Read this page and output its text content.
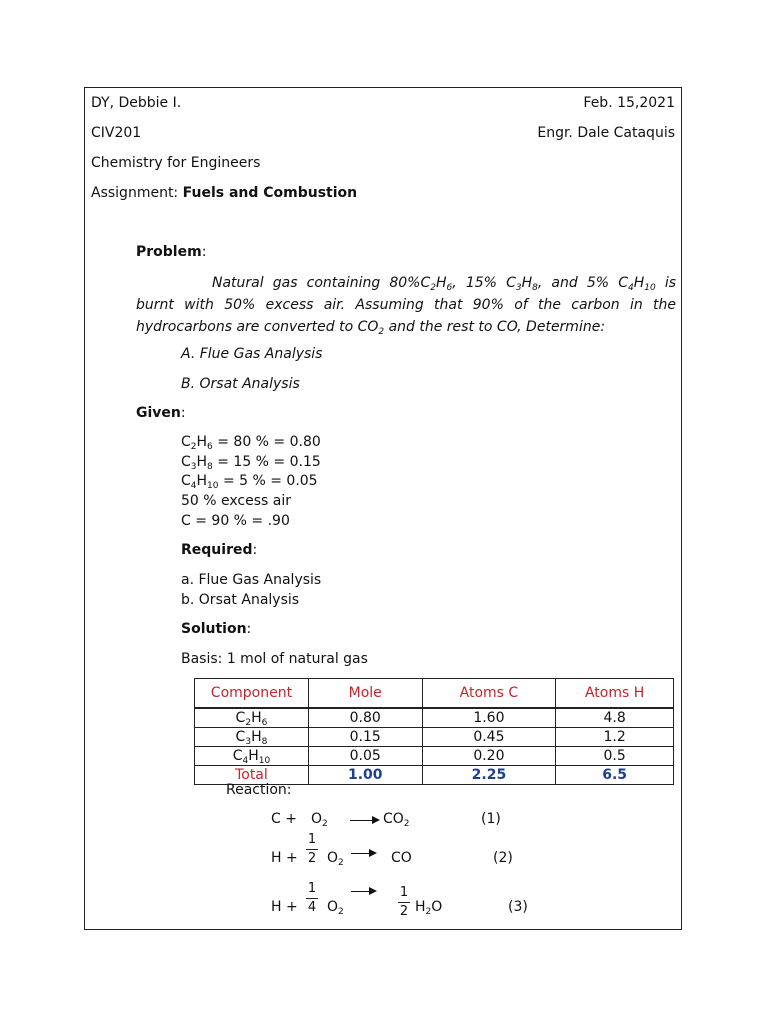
DY, Debbie I.	Feb. 15,2021
CIV201	Engr. Dale Cataquis
Chemistry for Engineers
Assignment: Fuels and Combustion
Problem:
Natural gas containing $80\%C_2H_6$, 15% $C_3H_8$, and 5% $C_4H_{10}$ is burnt with 50% excess air. Assuming that 90% of the carbon in the hydrocarbons are converted to $CO_2$ and the rest to CO, Determine:
A. Flue Gas Analysis
B. Orsat Analysis
Given:
$C_2H_6 = 80$ % = 0.80
$C_3H_8 = 15$ % = 0.15
$C_4H_{10} = 5$ % = 0.05
50 % excess air
C = 90 % = .90
Required:
a. Flue Gas Analysis
b. Orsat Analysis
Solution:
Basis: 1 mol of natural gas
Component	Mole	Atoms C	Atoms H
$C_2H_6$	0.80	1.60	4.8
$C_3H_8$	0.15	0.45	1.2
$C_4H_{10}$	0.05	0.20	0.5
Total	1.00	2.25	6.5
Reaction:
$C + O_2 \to CO_2$	(1)
H +
1
2 $O_2$ → CO	(2)
H +
1
4 $O_2$
1
2 $H_2O$	(3)
